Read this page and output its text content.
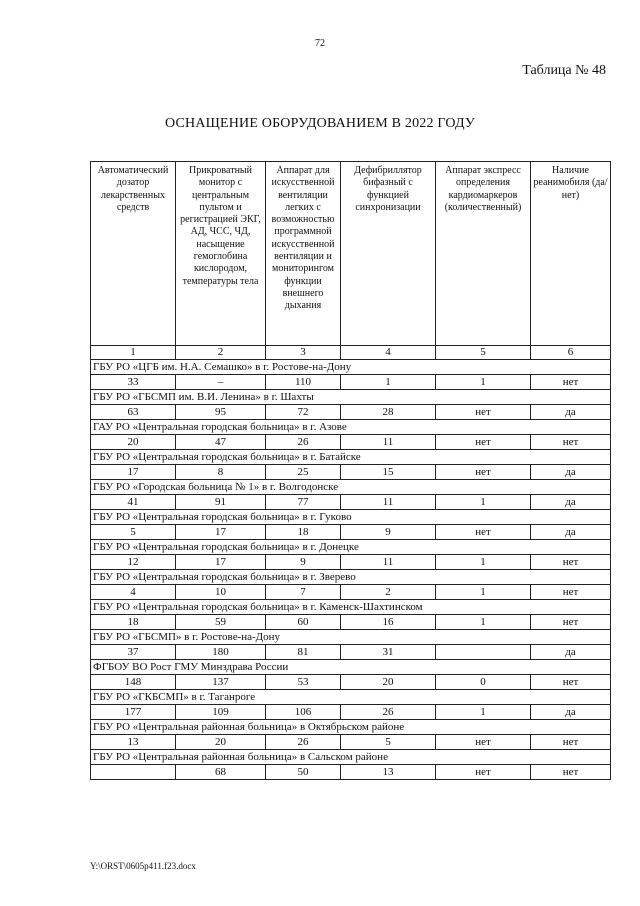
72
Таблица № 48
ОСНАЩЕНИЕ ОБОРУДОВАНИЕМ В 2022 ГОДУ
Автоматический дозатор лекарственных средств	Прикроватный монитор с центральным пультом и регистрацией ЭКГ, АД, ЧСС, ЧД, насыщение гемоглобина кислородом, температуры тела	Аппарат для искусственной вентиляции легких с возможностью программной искусственной вентиляции и мониторингом функции внешнего дыхания	Дефибриллятор бифазный с функцией синхронизации	Аппарат экспресс определения кардиомаркеров (количественный)	Наличие реанимобиля (да/нет)
1	2	3	4	5	6
ГБУ РО «ЦГБ им. Н.А. Семашко» в г. Ростове-на-Дону					
33	–	110	1	1	нет
ГБУ РО «ГБСМП им. В.И. Ленина» в г. Шахты					
63	95	72	28	нет	да
ГАУ РО «Центральная городская больница» в г. Азове					
20	47	26	11	нет	нет
ГБУ РО «Центральная городская больница» в г. Батайске					
17	8	25	15	нет	да
ГБУ РО «Городская больница № 1» в г. Волгодонске					
41	91	77	11	1	да
ГБУ РО «Центральная городская больница» в г. Гуково					
5	17	18	9	нет	да
ГБУ РО «Центральная городская больница» в г. Донецке					
12	17	9	11	1	нет
ГБУ РО «Центральная городская больница» в г. Зверево					
4	10	7	2	1	нет
ГБУ РО «Центральная городская больница» в г. Каменск-Шахтинском					
18	59	60	16	1	нет
ГБУ РО «ГБСМП» в г. Ростове-на-Дону					
37	180	81	31		да
ФГБОУ ВО Рост ГМУ Минздрава России					
148	137	53	20	0	нет
ГБУ РО «ГКБСМП» в г. Таганроге					
177	109	106	26	1	да
ГБУ РО «Центральная районная больница» в Октябрьском районе					
13	20	26	5	нет	нет
ГБУ РО «Центральная районная больница» в Сальском районе					
	68	50	13	нет	нет
Y:\ORST\0605p411.f23.docx
